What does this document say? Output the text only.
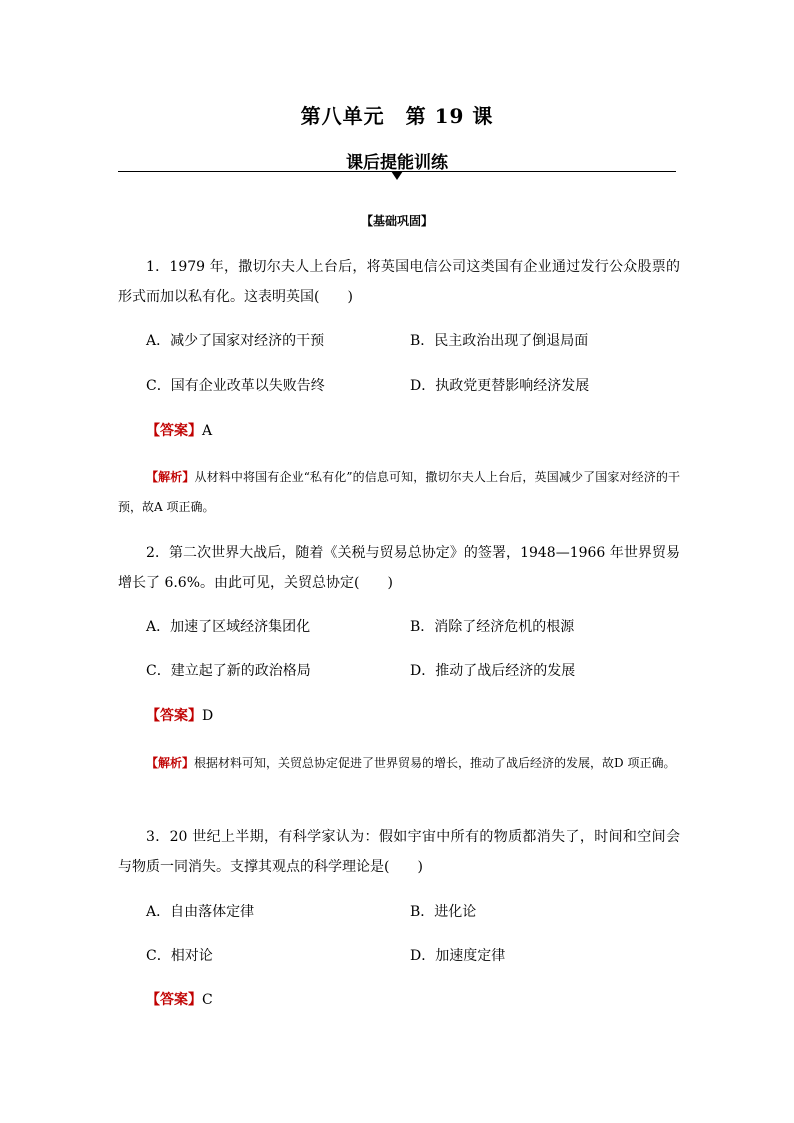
第八单元　第 19 课
课后提能训练
【基础巩固】
1．1979 年，撒切尔夫人上台后，将英国电信公司这类国有企业通过发行公众股票的形式而加以私有化。这表明英国(　　)
A．减少了国家对经济的干预	B．民主政治出现了倒退局面
C．国有企业改革以失败告终	D．执政党更替影响经济发展
【答案】A
【解析】从材料中将国有企业“私有化”的信息可知，撒切尔夫人上台后，英国减少了国家对经济的干预，故A 项正确。
2．第二次世界大战后，随着《关税与贸易总协定》的签署，1948—1966 年世界贸易增长了 6.6%。由此可见，关贸总协定(　　)
A．加速了区域经济集团化	B．消除了经济危机的根源
C．建立起了新的政治格局	D．推动了战后经济的发展
【答案】D
【解析】根据材料可知，关贸总协定促进了世界贸易的增长，推动了战后经济的发展，故D 项正确。
3．20 世纪上半期，有科学家认为：假如宇宙中所有的物质都消失了，时间和空间会与物质一同消失。支撑其观点的科学理论是(　　)
A．自由落体定律	B．进化论
C．相对论	D．加速度定律
【答案】C
